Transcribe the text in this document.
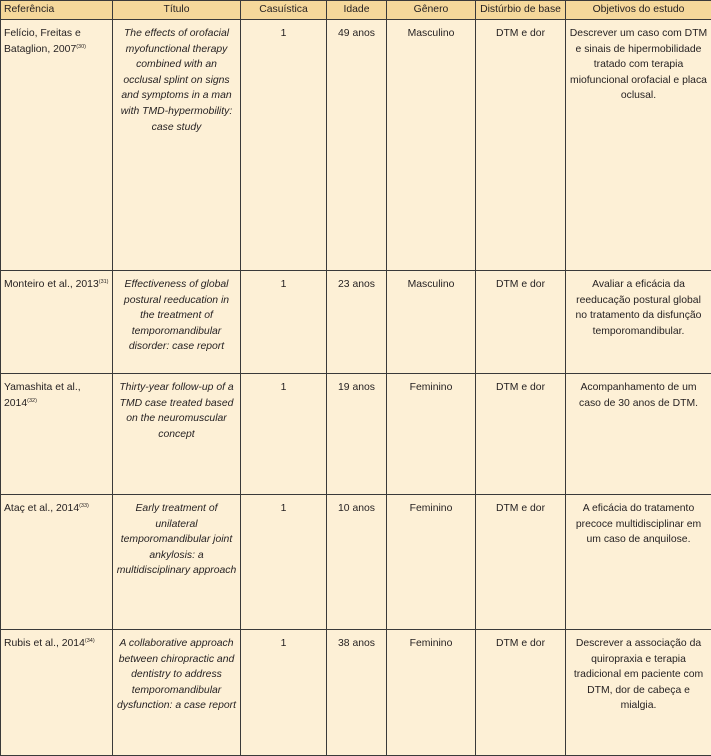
Referência	Título	Casuística	Idade	Gênero	Distúrbio de base	Objetivos do estudo
Felício, Freitas e Bataglion, 2007$^{(30)}$	The effects of orofacial myofunctional therapy combined with an occlusal splint on signs and symptoms in a man with TMD-hypermobility: case study	1	49 anos	Masculino	DTM e dor	Descrever um caso com DTM e sinais de hipermobilidade tratado com terapia miofuncional orofacial e placa oclusal.
Monteiro et al., 2013$^{(31)}$	Effectiveness of global postural reeducation in the treatment of temporomandibular disorder: case report	1	23 anos	Masculino	DTM e dor	Avaliar a eficácia da reeducação postural global no tratamento da disfunção temporomandibular.
Yamashita et al., 2014$^{(32)}$	Thirty-year follow-up of a TMD case treated based on the neuromuscular concept	1	19 anos	Feminino	DTM e dor	Acompanhamento de um caso de 30 anos de DTM.
Ataç et al., 2014$^{(33)}$	Early treatment of unilateral temporomandibular joint ankylosis: a multidisciplinary approach	1	10 anos	Feminino	DTM e dor	A eficácia do tratamento precoce multidisciplinar em um caso de anquilose.
Rubis et al., 2014$^{(34)}$	A collaborative approach between chiropractic and dentistry to address temporomandibular dysfunction: a case report	1	38 anos	Feminino	DTM e dor	Descrever a associação da quiropraxia e terapia tradicional em paciente com DTM, dor de cabeça e mialgia.
